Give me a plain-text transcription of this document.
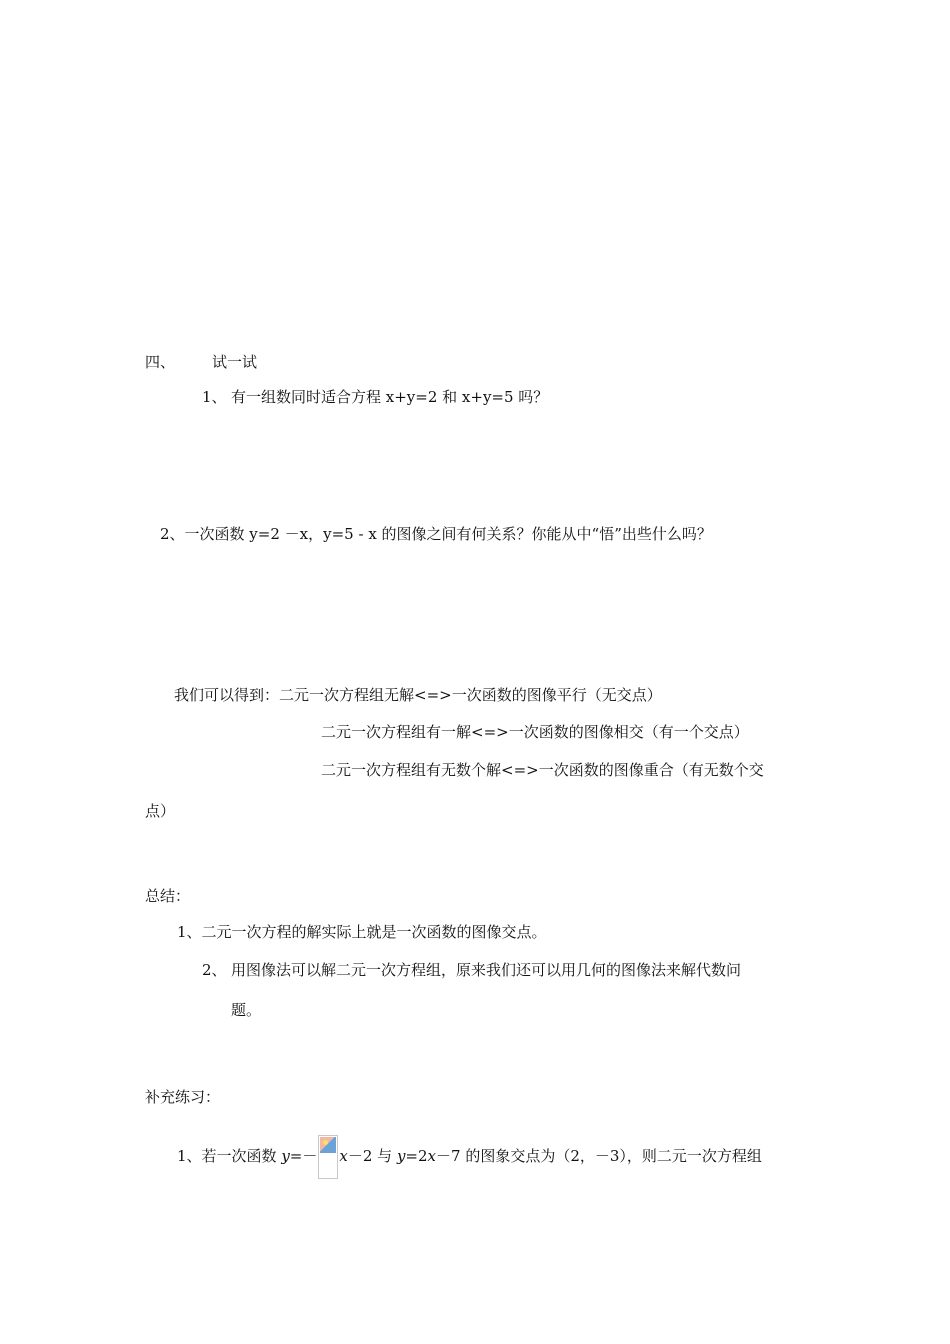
四、 试一试
1、 有一组数同时适合方程 x+y=2 和 x+y=5 吗？
2、一次函数 y=2 －x，y=5 - x 的图像之间有何关系？你能从中“悟”出些什么吗？
我们可以得到：二元一次方程组无解<=>一次函数的图像平行（无交点）
二元一次方程组有一解<=>一次函数的图像相交（有一个交点）
二元一次方程组有无数个解<=>一次函数的图像重合（有无数个交
点）
总结：
1、二元一次方程的解实际上就是一次函数的图像交点。
2、 用图像法可以解二元一次方程组，原来我们还可以用几何的图像法来解代数问
题。
补充练习：
1、若一次函数 y=－ x－2 与 y=2x－7 的图象交点为（2，－3），则二元一次方程组
